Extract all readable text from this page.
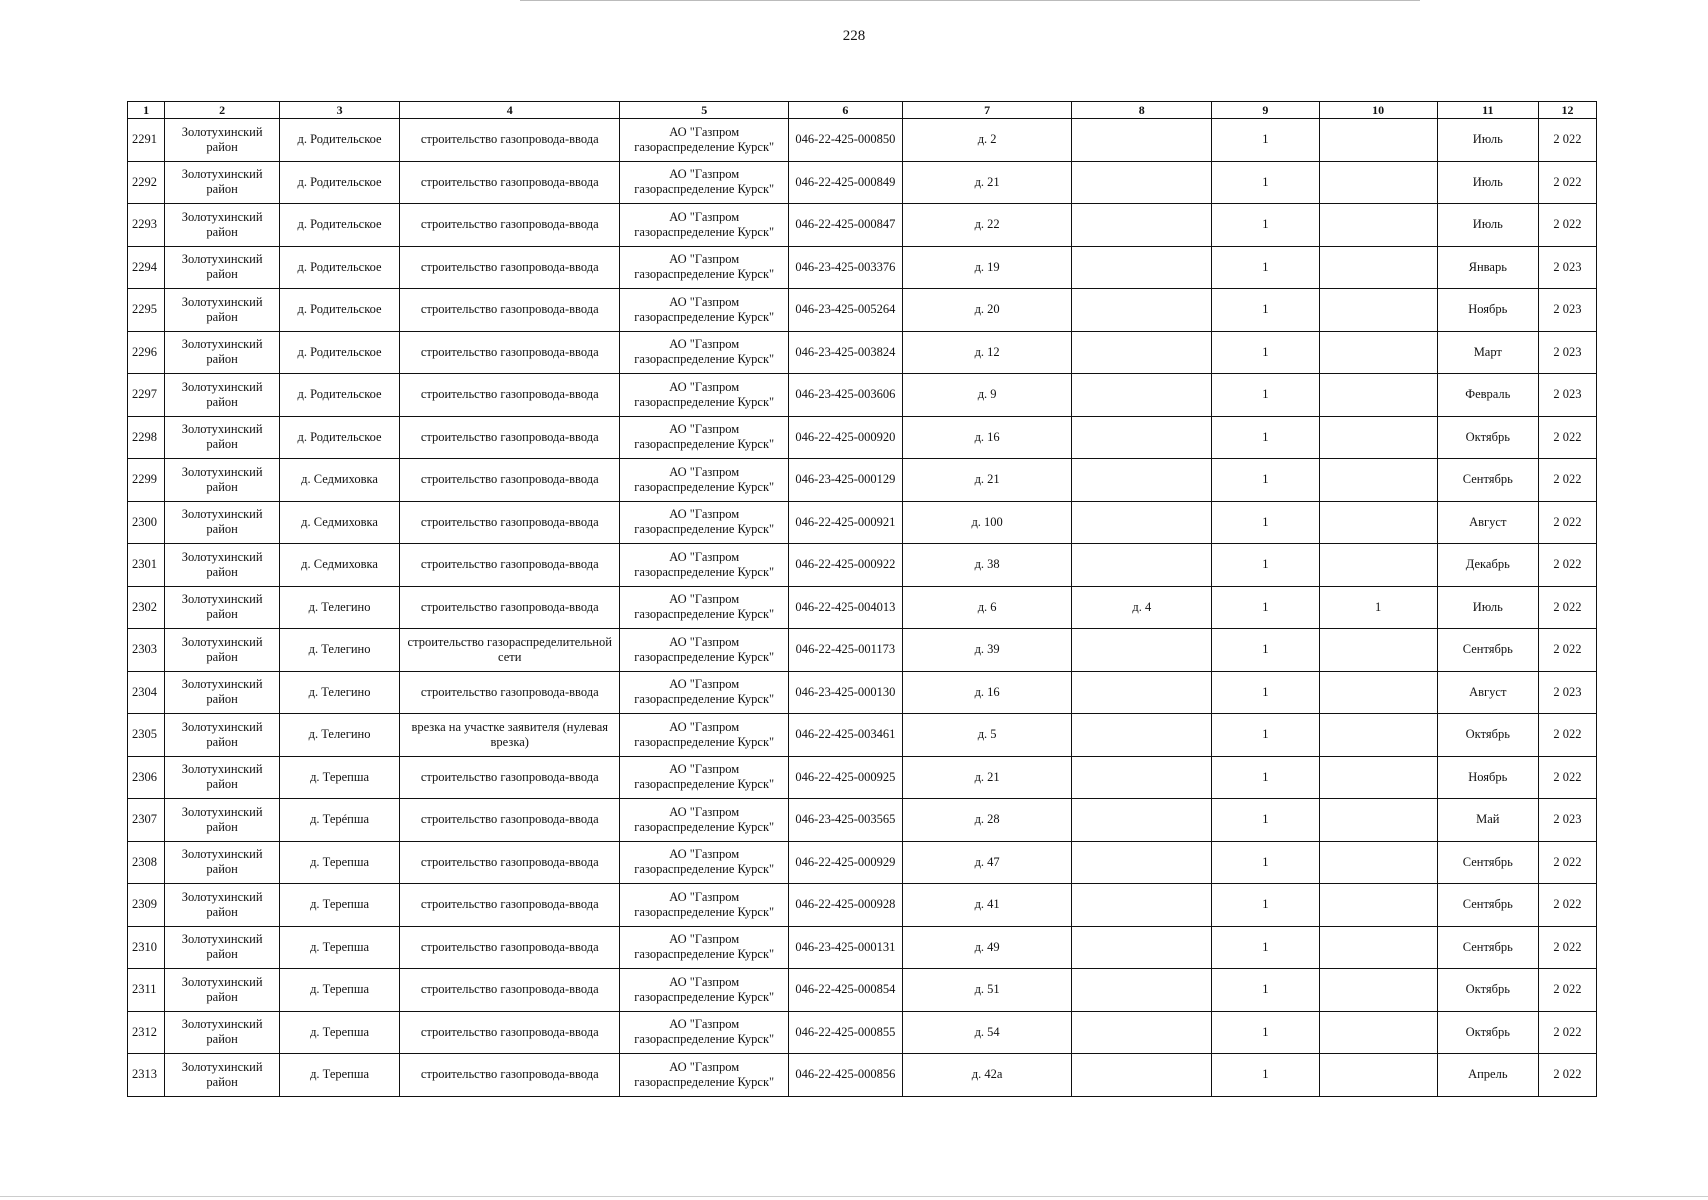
228
1	2	3	4	5	6	7	8	9	10	11	12
2291	Золотухинский район	д. Родительское	строительство газопровода-ввода	АО "Газпром газораспределение Курск"	046-22-425-000850	д. 2		1		Июль	2 022
2292	Золотухинский район	д. Родительское	строительство газопровода-ввода	АО "Газпром газораспределение Курск"	046-22-425-000849	д. 21		1		Июль	2 022
2293	Золотухинский район	д. Родительское	строительство газопровода-ввода	АО "Газпром газораспределение Курск"	046-22-425-000847	д. 22		1		Июль	2 022
2294	Золотухинский район	д. Родительское	строительство газопровода-ввода	АО "Газпром газораспределение Курск"	046-23-425-003376	д. 19		1		Январь	2 023
2295	Золотухинский район	д. Родительское	строительство газопровода-ввода	АО "Газпром газораспределение Курск"	046-23-425-005264	д. 20		1		Ноябрь	2 023
2296	Золотухинский район	д. Родительское	строительство газопровода-ввода	АО "Газпром газораспределение Курск"	046-23-425-003824	д. 12		1		Март	2 023
2297	Золотухинский район	д. Родительское	строительство газопровода-ввода	АО "Газпром газораспределение Курск"	046-23-425-003606	д. 9		1		Февраль	2 023
2298	Золотухинский район	д. Родительское	строительство газопровода-ввода	АО "Газпром газораспределение Курск"	046-22-425-000920	д. 16		1		Октябрь	2 022
2299	Золотухинский район	д. Седмиховка	строительство газопровода-ввода	АО "Газпром газораспределение Курск"	046-23-425-000129	д. 21		1		Сентябрь	2 022
2300	Золотухинский район	д. Седмиховка	строительство газопровода-ввода	АО "Газпром газораспределение Курск"	046-22-425-000921	д. 100		1		Август	2 022
2301	Золотухинский район	д. Седмиховка	строительство газопровода-ввода	АО "Газпром газораспределение Курск"	046-22-425-000922	д. 38		1		Декабрь	2 022
2302	Золотухинский район	д. Телегино	строительство газопровода-ввода	АО "Газпром газораспределение Курск"	046-22-425-004013	д. 6	д. 4	1	1	Июль	2 022
2303	Золотухинский район	д. Телегино	строительство газораспределительной сети	АО "Газпром газораспределение Курск"	046-22-425-001173	д. 39		1		Сентябрь	2 022
2304	Золотухинский район	д. Телегино	строительство газопровода-ввода	АО "Газпром газораспределение Курск"	046-23-425-000130	д. 16		1		Август	2 023
2305	Золотухинский район	д. Телегино	врезка на участке заявителя (нулевая врезка)	АО "Газпром газораспределение Курск"	046-22-425-003461	д. 5		1		Октябрь	2 022
2306	Золотухинский район	д. Терепша	строительство газопровода-ввода	АО "Газпром газораспределение Курск"	046-22-425-000925	д. 21		1		Ноябрь	2 022
2307	Золотухинский район	д. Терéпша	строительство газопровода-ввода	АО "Газпром газораспределение Курск"	046-23-425-003565	д. 28		1		Май	2 023
2308	Золотухинский район	д. Терепша	строительство газопровода-ввода	АО "Газпром газораспределение Курск"	046-22-425-000929	д. 47		1		Сентябрь	2 022
2309	Золотухинский район	д. Терепша	строительство газопровода-ввода	АО "Газпром газораспределение Курск"	046-22-425-000928	д. 41		1		Сентябрь	2 022
2310	Золотухинский район	д. Терепша	строительство газопровода-ввода	АО "Газпром газораспределение Курск"	046-23-425-000131	д. 49		1		Сентябрь	2 022
2311	Золотухинский район	д. Терепша	строительство газопровода-ввода	АО "Газпром газораспределение Курск"	046-22-425-000854	д. 51		1		Октябрь	2 022
2312	Золотухинский район	д. Терепша	строительство газопровода-ввода	АО "Газпром газораспределение Курск"	046-22-425-000855	д. 54		1		Октябрь	2 022
2313	Золотухинский район	д. Терепша	строительство газопровода-ввода	АО "Газпром газораспределение Курск"	046-22-425-000856	д. 42а		1		Апрель	2 022
